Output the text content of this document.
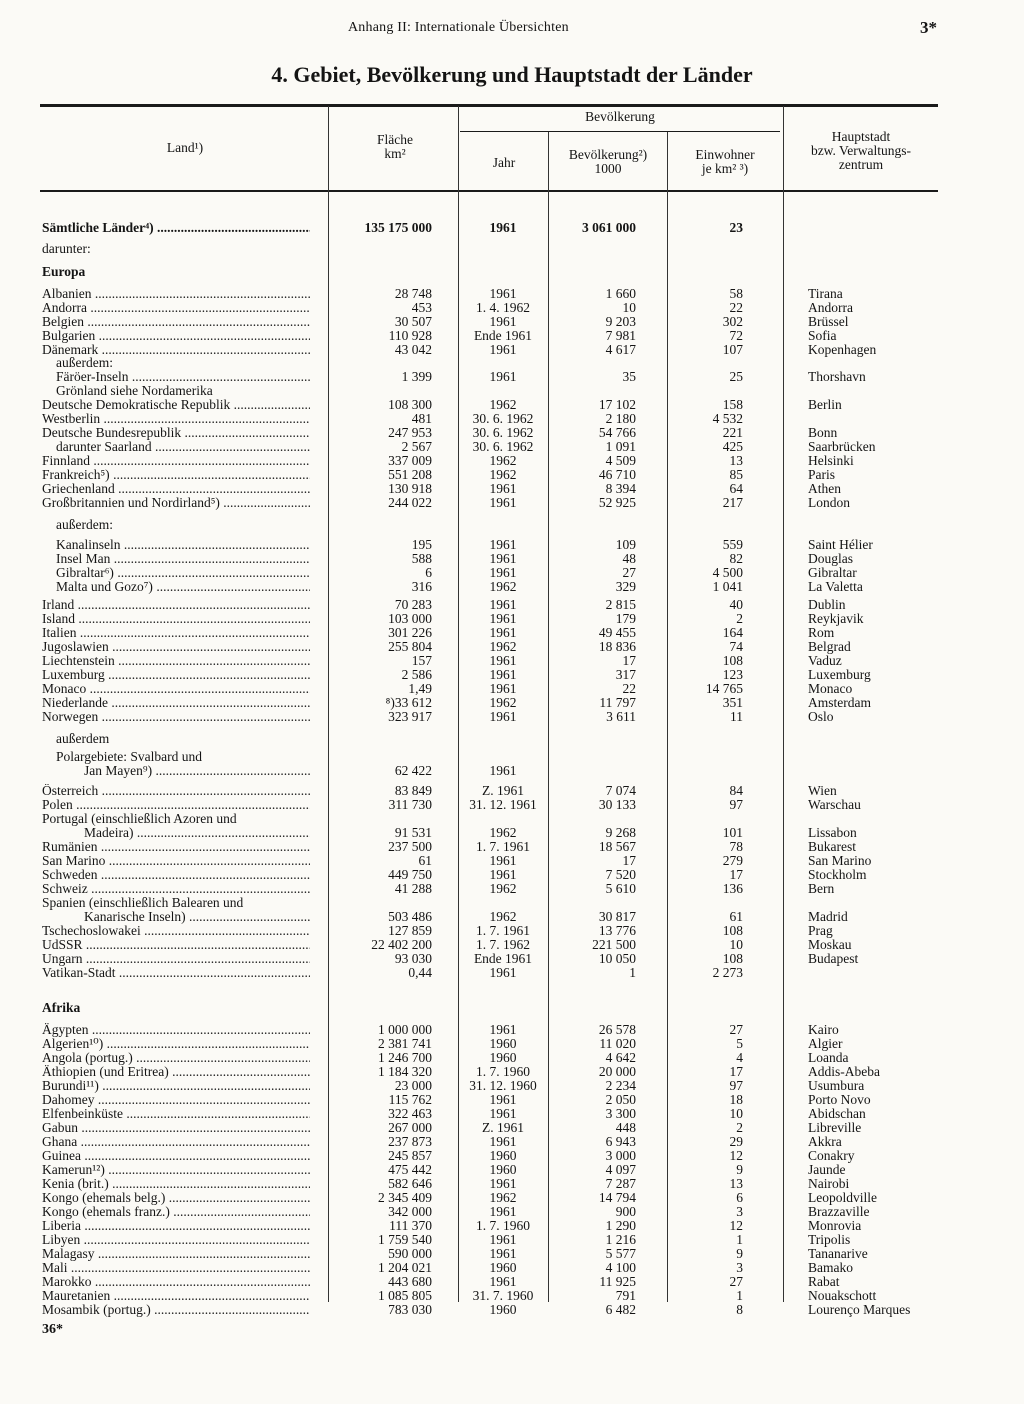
Anhang II: Internationale Übersichten	3*
4. Gebiet, Bevölkerung und Hauptstadt der Länder
Land¹)
Fläche
km²
Bevölkerung
Jahr
Bevölkerung²)
1000
Einwohner
je km² ³)
Hauptstadt
bzw. Verwaltungs-
zentrum
Sämtliche Länder⁴) .....	135 175 000	1961	3 061 000	23
darunter:
Europa
Albanien .....	28 748	1961	1 660	58	Tirana
Andorra .....	453	1. 4. 1962	10	22	Andorra
Belgien .....	30 507	1961	9 203	302	Brüssel
Bulgarien .....	110 928	Ende 1961	7 981	72	Sofia
Dänemark .....	43 042	1961	4 617	107	Kopenhagen
außerdem:
Färöer-Inseln .....	1 399	1961	35	25	Thorshavn
Grönland siehe Nordamerika
Deutsche Demokratische Republik .....	108 300	1962	17 102	158	Berlin
Westberlin .....	481	30. 6. 1962	2 180	4 532
Deutsche Bundesrepublik .....	247 953	30. 6. 1962	54 766	221	Bonn
darunter Saarland .....	2 567	30. 6. 1962	1 091	425	Saarbrücken
Finnland .....	337 009	1962	4 509	13	Helsinki
Frankreich⁵) .....	551 208	1962	46 710	85	Paris
Griechenland .....	130 918	1961	8 394	64	Athen
Großbritannien und Nordirland⁵) .....	244 022	1961	52 925	217	London
außerdem:
Kanalinseln .....	195	1961	109	559	Saint Hélier
Insel Man .....	588	1961	48	82	Douglas
Gibraltar⁶) .....	6	1961	27	4 500	Gibraltar
Malta und Gozo⁷) .....	316	1962	329	1 041	La Valetta
Irland .....	70 283	1961	2 815	40	Dublin
Island .....	103 000	1961	179	2	Reykjavik
Italien .....	301 226	1961	49 455	164	Rom
Jugoslawien .....	255 804	1962	18 836	74	Belgrad
Liechtenstein .....	157	1961	17	108	Vaduz
Luxemburg .....	2 586	1961	317	123	Luxemburg
Monaco .....	1,49	1961	22	14 765	Monaco
Niederlande .....	⁸)33 612	1962	11 797	351	Amsterdam
Norwegen .....	323 917	1961	3 611	11	Oslo
außerdem
Polargebiete: Svalbard und
Jan Mayen⁹) .....	62 422	1961
Österreich .....	83 849	Z. 1961	7 074	84	Wien
Polen .....	311 730	31. 12. 1961	30 133	97	Warschau
Portugal (einschließlich Azoren und
Madeira) .....	91 531	1962	9 268	101	Lissabon
Rumänien .....	237 500	1. 7. 1961	18 567	78	Bukarest
San Marino .....	61	1961	17	279	San Marino
Schweden .....	449 750	1961	7 520	17	Stockholm
Schweiz .....	41 288	1962	5 610	136	Bern
Spanien (einschließlich Balearen und
Kanarische Inseln) .....	503 486	1962	30 817	61	Madrid
Tschechoslowakei .....	127 859	1. 7. 1961	13 776	108	Prag
UdSSR .....	22 402 200	1. 7. 1962	221 500	10	Moskau
Ungarn .....	93 030	Ende 1961	10 050	108	Budapest
Vatikan-Stadt .....	0,44	1961	1	2 273
Afrika
Ägypten .....	1 000 000	1961	26 578	27	Kairo
Algerien¹⁰) .....	2 381 741	1960	11 020	5	Algier
Angola (portug.) .....	1 246 700	1960	4 642	4	Loanda
Äthiopien (und Eritrea) .....	1 184 320	1. 7. 1960	20 000	17	Addis-Abeba
Burundi¹¹) .....	23 000	31. 12. 1960	2 234	97	Usumbura
Dahomey .....	115 762	1961	2 050	18	Porto Novo
Elfenbeinküste .....	322 463	1961	3 300	10	Abidschan
Gabun .....	267 000	Z. 1961	448	2	Libreville
Ghana .....	237 873	1961	6 943	29	Akkra
Guinea .....	245 857	1960	3 000	12	Conakry
Kamerun¹²) .....	475 442	1960	4 097	9	Jaunde
Kenia (brit.) .....	582 646	1961	7 287	13	Nairobi
Kongo (ehemals belg.) .....	2 345 409	1962	14 794	6	Leopoldville
Kongo (ehemals franz.) .....	342 000	1961	900	3	Brazzaville
Liberia .....	111 370	1. 7. 1960	1 290	12	Monrovia
Libyen .....	1 759 540	1961	1 216	1	Tripolis
Malagasy .....	590 000	1961	5 577	9	Tananarive
Mali .....	1 204 021	1960	4 100	3	Bamako
Marokko .....	443 680	1961	11 925	27	Rabat
Mauretanien .....	1 085 805	31. 7. 1960	791	1	Nouakschott
Mosambik (portug.) .....	783 030	1960	6 482	8	Lourenço Marques
36*
